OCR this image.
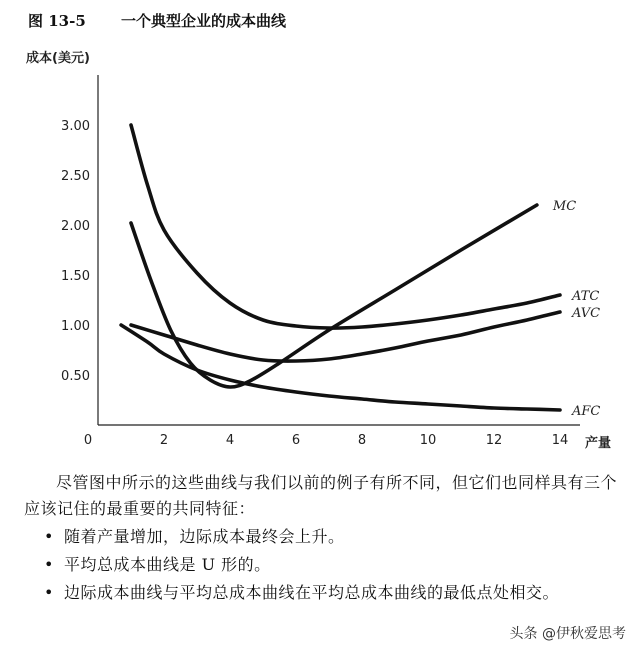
图 13-5 一个典型企业的成本曲线
成本(美元)
产量
0	2	4	6	8	10	12	14
0.50
1.00
1.50
2.00
2.50
3.00
MC
ATC
AVC
AFC

尽管图中所示的这些曲线与我们以前的例子有所不同，但它们也同样具有三个应该记住的最重要的共同特征：

• 随着产量增加，边际成本最终会上升。
• 平均总成本曲线是 U 形的。
• 边际成本曲线与平均总成本曲线在平均总成本曲线的最低点处相交。
头条 @伊秋爱思考
